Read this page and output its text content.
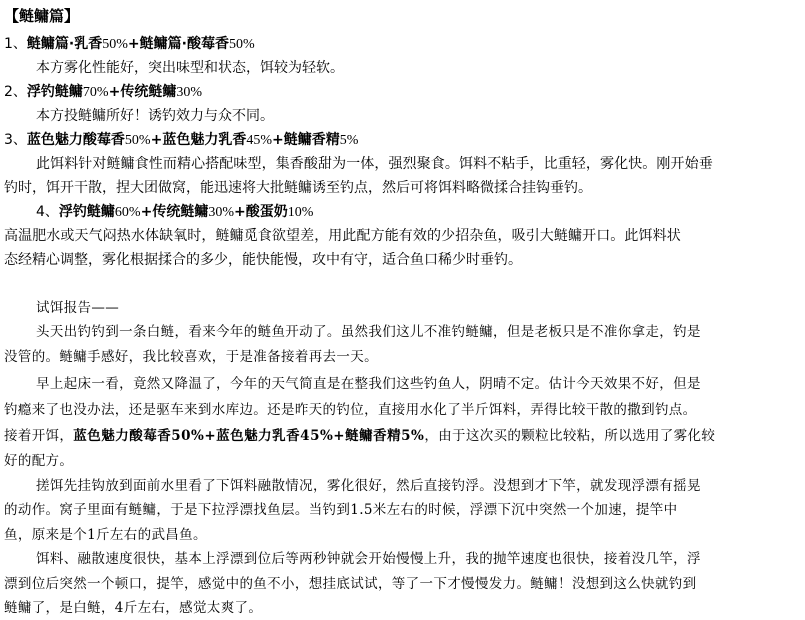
【鲢鳙篇】
1、鲢鳙篇·乳香50%+鲢鳙篇·酸莓香50%
本方雾化性能好，突出味型和状态，饵较为轻软。
2、浮钓鲢鳙70%+传统鲢鳙30%
本方投鲢鳙所好！诱钓效力与众不同。
3、蓝色魅力酸莓香50%+蓝色魅力乳香45%+鲢鳙香精5%
此饵料针对鲢鳙食性而精心搭配味型，集香酸甜为一体，强烈聚食。饵料不粘手，比重轻，雾化快。刚开始垂
钓时，饵开干散，捏大团做窝，能迅速将大批鲢鳙诱至钓点，然后可将饵料略微揉合挂钩垂钓。
4、浮钓鲢鳙60%+传统鲢鳙30%+酸蛋奶10%
高温肥水或天气闷热水体缺氧时，鲢鳙觅食欲望差，用此配方能有效的少招杂鱼，吸引大鲢鳙开口。此饵料状
态经精心调整，雾化根据揉合的多少，能快能慢，攻中有守，适合鱼口稀少时垂钓。
试饵报告——
头天出钓钓到一条白鲢，看来今年的鲢鱼开动了。虽然我们这儿不准钓鲢鳙，但是老板只是不准你拿走，钓是
没管的。鲢鳙手感好，我比较喜欢，于是准备接着再去一天。
早上起床一看，竟然又降温了，今年的天气简直是在整我们这些钓鱼人，阴晴不定。估计今天效果不好，但是
钓瘾来了也没办法，还是驱车来到水库边。还是昨天的钓位，直接用水化了半斤饵料，弄得比较干散的撒到钓点。
接着开饵，蓝色魅力酸莓香50%+蓝色魅力乳香45%+鲢鳙香精5%，由于这次买的颗粒比较粘，所以选用了雾化较
好的配方。
搓饵先挂钩放到面前水里看了下饵料融散情况，雾化很好，然后直接钓浮。没想到才下竿，就发现浮漂有摇晃
的动作。窝子里面有鲢鳙，于是下拉浮漂找鱼层。当钓到1.5米左右的时候，浮漂下沉中突然一个加速，提竿中
鱼，原来是个1斤左右的武昌鱼。
饵料、融散速度很快，基本上浮漂到位后等两秒钟就会开始慢慢上升，我的抛竿速度也很快，接着没几竿，浮
漂到位后突然一个顿口，提竿，感觉中的鱼不小，想挂底试试，等了一下才慢慢发力。鲢鳙！没想到这么快就钓到
鲢鳙了，是白鲢，4斤左右，感觉太爽了。
